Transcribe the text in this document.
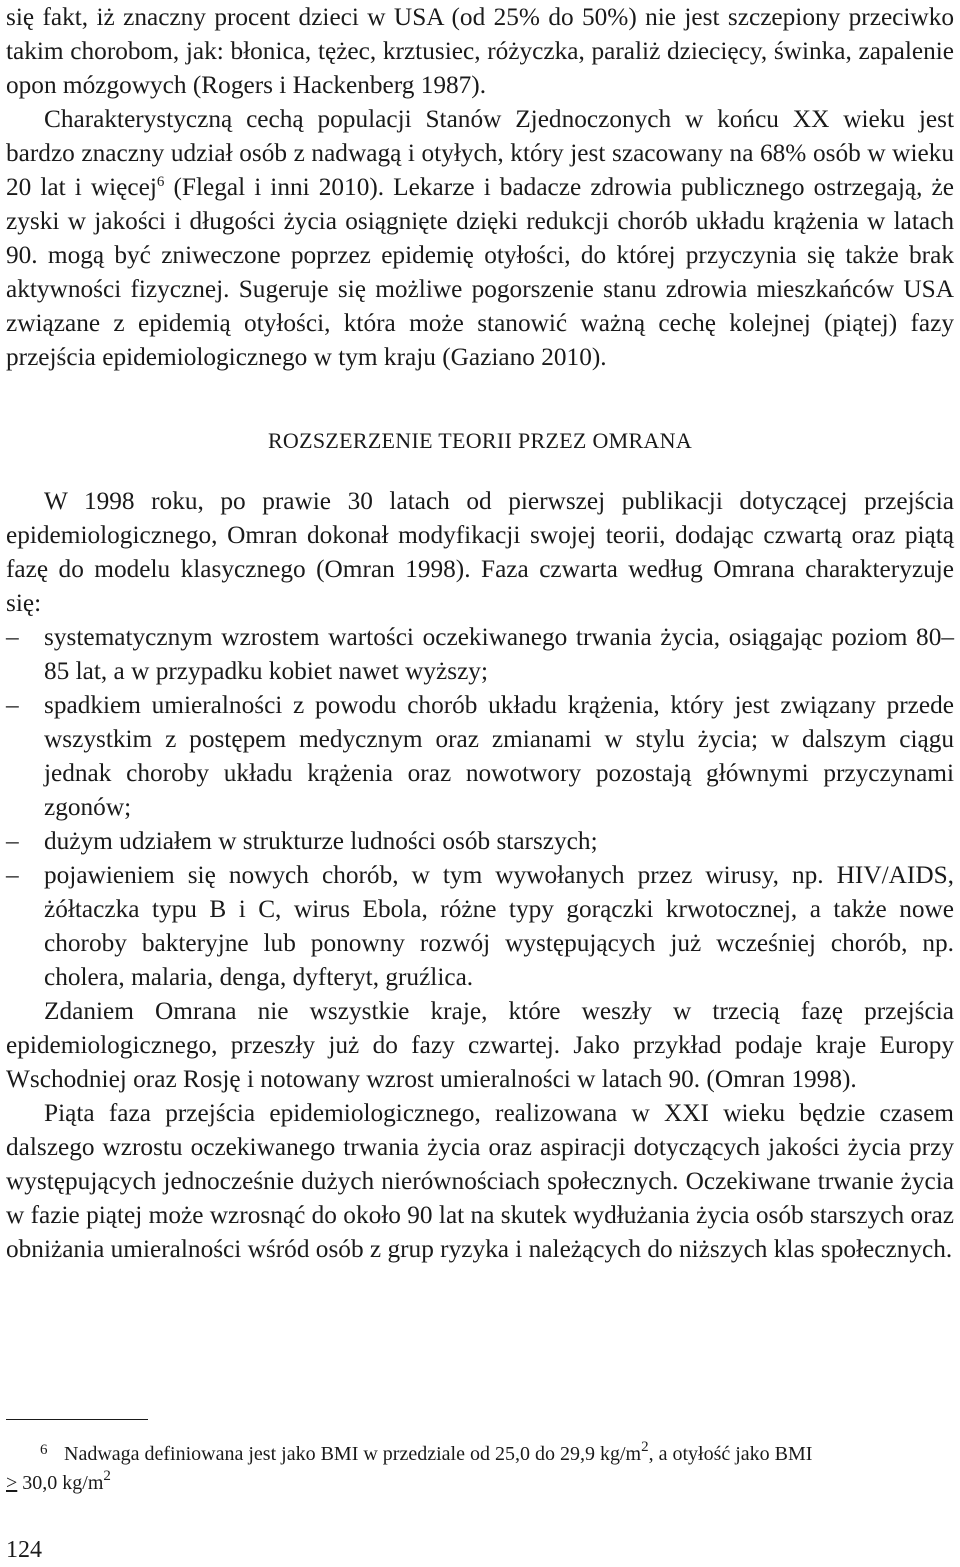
się fakt, iż znaczny procent dzieci w USA (od 25% do 50%) nie jest szczepiony przeciwko takim chorobom, jak: błonica, tężec, krztusiec, różyczka, paraliż dziecięcy, świnka, zapalenie opon mózgowych (Rogers i Hackenberg 1987).

Charakterystyczną cechą populacji Stanów Zjednoczonych w końcu XX wieku jest bardzo znaczny udział osób z nadwagą i otyłych, który jest szacowany na 68% osób w wieku 20 lat i więcej$^6$ (Flegal i inni 2010). Lekarze i badacze zdrowia publicznego ostrzegają, że zyski w jakości i długości życia osiągnięte dzięki redukcji chorób układu krążenia w latach 90. mogą być zniweczone poprzez epidemię otyłości, do której przyczynia się także brak aktywności fizycznej. Sugeruje się możliwe pogorszenie stanu zdrowia mieszkańców USA związane z epidemią otyłości, która może stanowić ważną cechę kolejnej (piątej) fazy przejścia epidemiologicznego w tym kraju (Gaziano 2010).

ROZSZERZENIE TEORII PRZEZ OMRANA

W 1998 roku, po prawie 30 latach od pierwszej publikacji dotyczącej przejścia epidemiologicznego, Omran dokonał modyfikacji swojej teorii, dodając czwartą oraz piątą fazę do modelu klasycznego (Omran 1998). Faza czwarta według Omrana charakteryzuje się:

–	systematycznym wzrostem wartości oczekiwanego trwania życia, osiągając poziom 80–85 lat, a w przypadku kobiet nawet wyższy;
–	spadkiem umieralności z powodu chorób układu krążenia, który jest związany przede wszystkim z postępem medycznym oraz zmianami w stylu życia; w dalszym ciągu jednak choroby układu krążenia oraz nowotwory pozostają głównymi przyczynami zgonów;
–	dużym udziałem w strukturze ludności osób starszych;
–	pojawieniem się nowych chorób, w tym wywołanych przez wirusy, np. HIV/AIDS, żółtaczka typu B i C, wirus Ebola, różne typy gorączki krwotocznej, a także nowe choroby bakteryjne lub ponowny rozwój występujących już wcześniej chorób, np. cholera, malaria, denga, dyfteryt, gruźlica.

Zdaniem Omrana nie wszystkie kraje, które weszły w trzecią fazę przejścia epidemiologicznego, przeszły już do fazy czwartej. Jako przykład podaje kraje Europy Wschodniej oraz Rosję i notowany wzrost umieralności w latach 90. (Omran 1998).

Piąta faza przejścia epidemiologicznego, realizowana w XXI wieku będzie czasem dalszego wzrostu oczekiwanego trwania życia oraz aspiracji dotyczących jakości życia przy występujących jednocześnie dużych nierównościach społecznych. Oczekiwane trwanie życia w fazie piątej może wzrosnąć do około 90 lat na skutek wydłużania życia osób starszych oraz obniżania umieralności wśród osób z grup ryzyka i należących do niższych klas społecznych.

6 Nadwaga definiowana jest jako BMI w przedziale od 25,0 do 29,9 $kg/m^2$, a otyłość jako BMI
≥ 30,0 $kg/m^2$
124
